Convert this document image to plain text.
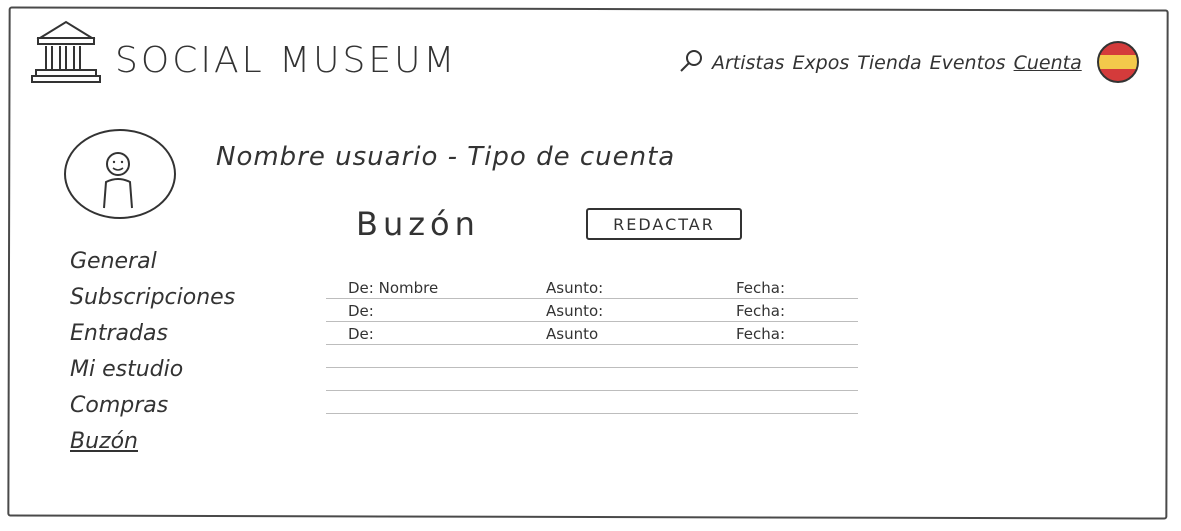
SOCIAL MUSEUM	Artistas Expos Tienda Eventos Cuenta
Nombre usuario - Tipo de cuenta
Buzón	REDACTAR
General
Subscripciones
Entradas
Mi estudio
Compras
Buzón
De: Nombre	Asunto:	Fecha:
De:	Asunto:	Fecha:
De:	Asunto	Fecha:
